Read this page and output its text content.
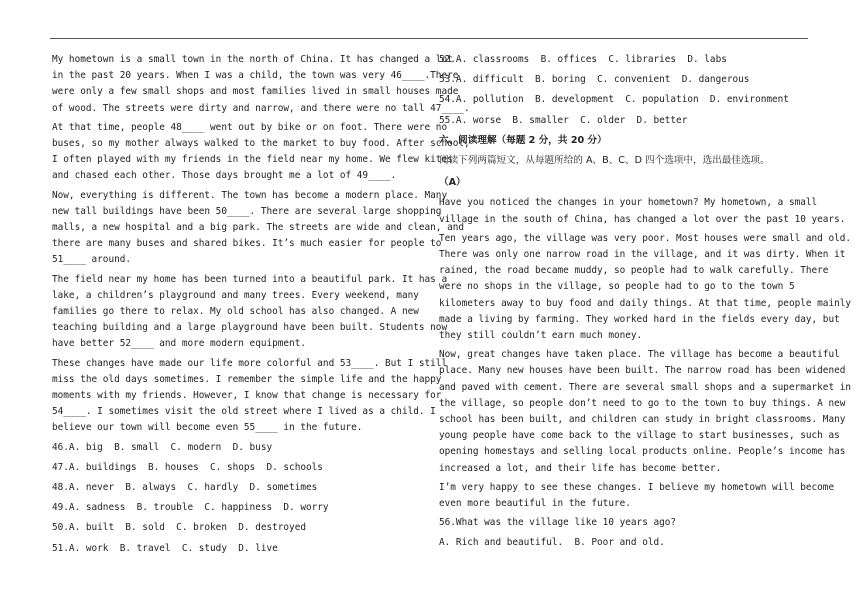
My hometown is a small town in the north of China. It has changed a lot
in the past 20 years. When I was a child, the town was very 46____.There
were only a few small shops and most families lived in small houses made
of wood. The streets were dirty and narrow, and there were no tall 47____.
At that time, people 48____ went out by bike or on foot. There were no
buses, so my mother always walked to the market to buy food. After school,
I often played with my friends in the field near my home. We flew kites
and chased each other. Those days brought me a lot of 49____.
Now, everything is different. The town has become a modern place. Many
new tall buildings have been 50____. There are several large shopping
malls, a new hospital and a big park. The streets are wide and clean, and
there are many buses and shared bikes. It’s much easier for people to
51____ around.
The field near my home has been turned into a beautiful park. It has a
lake, a children’s playground and many trees. Every weekend, many
families go there to relax. My old school has also changed. A new
teaching building and a large playground have been built. Students now
have better 52____ and more modern equipment.
These changes have made our life more colorful and 53____. But I still
miss the old days sometimes. I remember the simple life and the happy
moments with my friends. However, I know that change is necessary for
54____. I sometimes visit the old street where I lived as a child. I
believe our town will become even 55____ in the future.
46.A. big  B. small  C. modern  D. busy
47.A. buildings  B. houses  C. shops  D. schools
48.A. never  B. always  C. hardly  D. sometimes
49.A. sadness  B. trouble  C. happiness  D. worry
50.A. built  B. sold  C. broken  D. destroyed
51.A. work  B. travel  C. study  D. live
52.A. classrooms  B. offices  C. libraries  D. labs
53.A. difficult  B. boring  C. convenient  D. dangerous
54.A. pollution  B. development  C. population  D. environment
55.A. worse  B. smaller  C. older  D. better
六、阅读理解（每题 2 分，共 20 分）
阅读下列两篇短文，从每题所给的 A、B、C、D 四个选项中，选出最佳选项。
（A）
Have you noticed the changes in your hometown? My hometown, a small
village in the south of China, has changed a lot over the past 10 years.
Ten years ago, the village was very poor. Most houses were small and old.
There was only one narrow road in the village, and it was dirty. When it
rained, the road became muddy, so people had to walk carefully. There
were no shops in the village, so people had to go to the town 5
kilometers away to buy food and daily things. At that time, people mainly
made a living by farming. They worked hard in the fields every day, but
they still couldn’t earn much money.
Now, great changes have taken place. The village has become a beautiful
place. Many new houses have been built. The narrow road has been widened
and paved with cement. There are several small shops and a supermarket in
the village, so people don’t need to go to the town to buy things. A new
school has been built, and children can study in bright classrooms. Many
young people have come back to the village to start businesses, such as
opening homestays and selling local products online. People’s income has
increased a lot, and their life has become better.
I’m very happy to see these changes. I believe my hometown will become
even more beautiful in the future.
56.What was the village like 10 years ago?
A. Rich and beautiful.  B. Poor and old.
